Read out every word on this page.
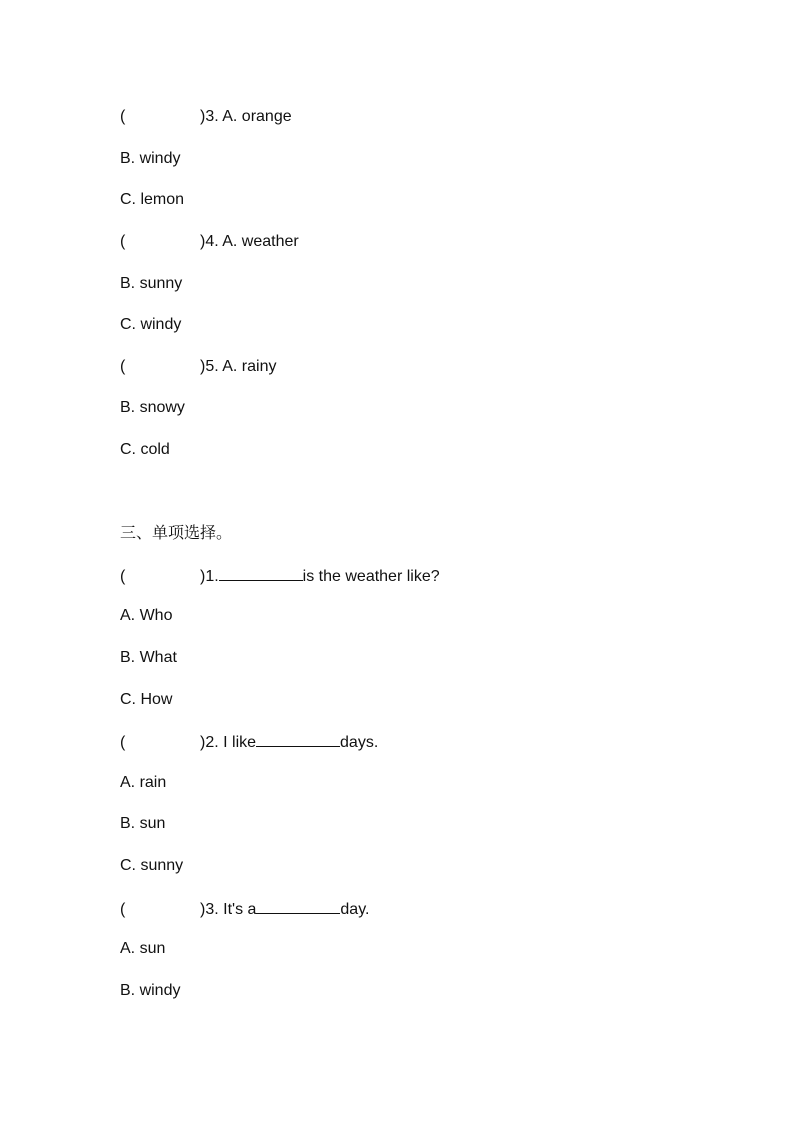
(	)3. A. orange
B. windy
C. lemon
(	)4. A. weather
B. sunny
C. windy
(	)5. A. rainy
B. snowy
C. cold
三、单项选择。
(	)1.	is the weather like?
A. Who
B. What
C. How
(	)2. I like	days.
A. rain
B. sun
C. sunny
(	)3. It's a	day.
A. sun
B. windy
